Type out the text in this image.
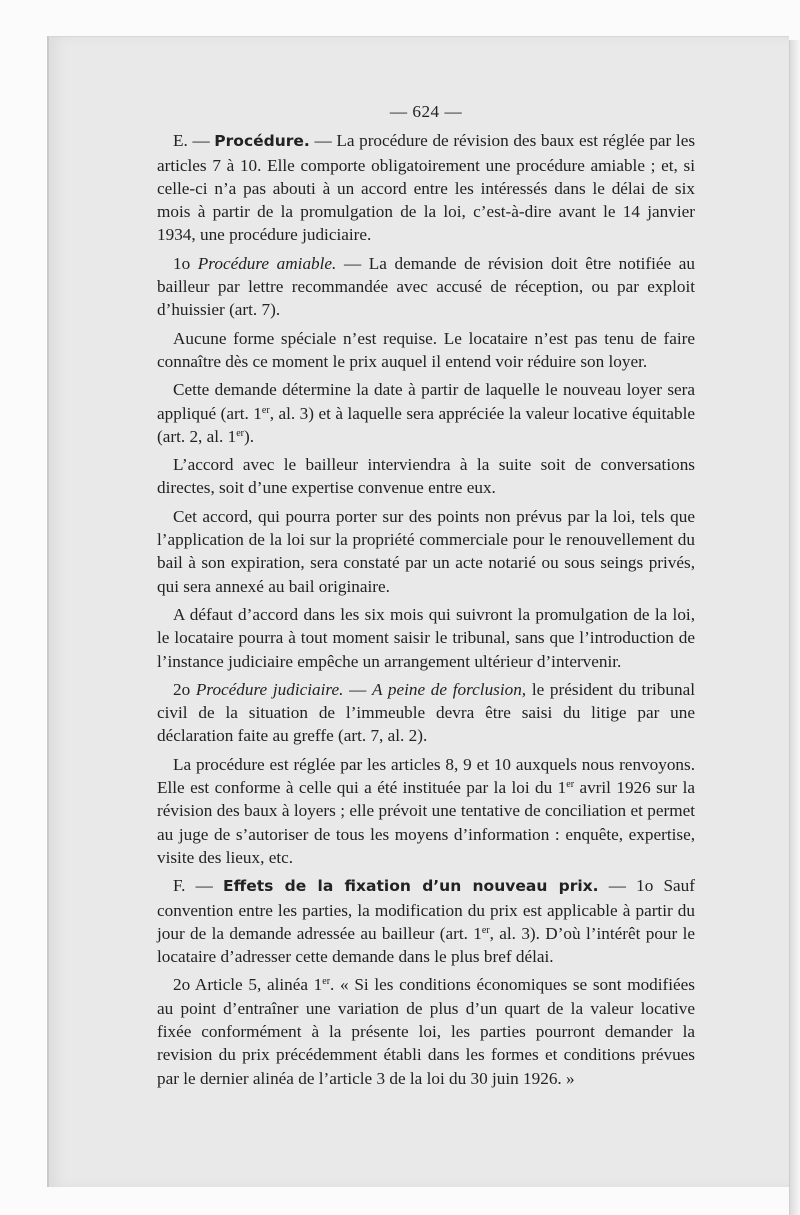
— 624 —

E. — Procédure. — La procédure de révision des baux est réglée par les articles 7 à 10. Elle comporte obligatoirement une procédure amiable ; et, si celle-ci n’a pas abouti à un accord entre les intéressés dans le délai de six mois à partir de la promulgation de la loi, c’est-à-dire avant le 14 janvier 1934, une procédure judiciaire.

1o Procédure amiable. — La demande de révision doit être notifiée au bailleur par lettre recommandée avec accusé de réception, ou par exploit d’huissier (art. 7).

Aucune forme spéciale n’est requise. Le locataire n’est pas tenu de faire connaître dès ce moment le prix auquel il entend voir réduire son loyer.

Cette demande détermine la date à partir de laquelle le nouveau loyer sera appliqué (art. 1er, al. 3) et à laquelle sera appréciée la valeur locative équitable (art. 2, al. 1er).

L’accord avec le bailleur interviendra à la suite soit de conversations directes, soit d’une expertise convenue entre eux.

Cet accord, qui pourra porter sur des points non prévus par la loi, tels que l’application de la loi sur la propriété commerciale pour le renouvellement du bail à son expiration, sera constaté par un acte notarié ou sous seings privés, qui sera annexé au bail originaire.

A défaut d’accord dans les six mois qui suivront la promulgation de la loi, le locataire pourra à tout moment saisir le tribunal, sans que l’introduction de l’instance judiciaire empêche un arrangement ultérieur d’intervenir.

2o Procédure judiciaire. — A peine de forclusion, le président du tribunal civil de la situation de l’immeuble devra être saisi du litige par une déclaration faite au greffe (art. 7, al. 2).

La procédure est réglée par les articles 8, 9 et 10 auxquels nous renvoyons. Elle est conforme à celle qui a été instituée par la loi du 1er avril 1926 sur la révision des baux à loyers ; elle prévoit une tentative de conciliation et permet au juge de s’autoriser de tous les moyens d’information : enquête, expertise, visite des lieux, etc.

F. — Effets de la fixation d’un nouveau prix. — 1o Sauf convention entre les parties, la modification du prix est applicable à partir du jour de la demande adressée au bailleur (art. 1er, al. 3). D’où l’intérêt pour le locataire d’adresser cette demande dans le plus bref délai.

2o Article 5, alinéa 1er. « Si les conditions économiques se sont modifiées au point d’entraîner une variation de plus d’un quart de la valeur locative fixée conformément à la présente loi, les parties pourront demander la revision du prix précédemment établi dans les formes et conditions prévues par le dernier alinéa de l’article 3 de la loi du 30 juin 1926. »
